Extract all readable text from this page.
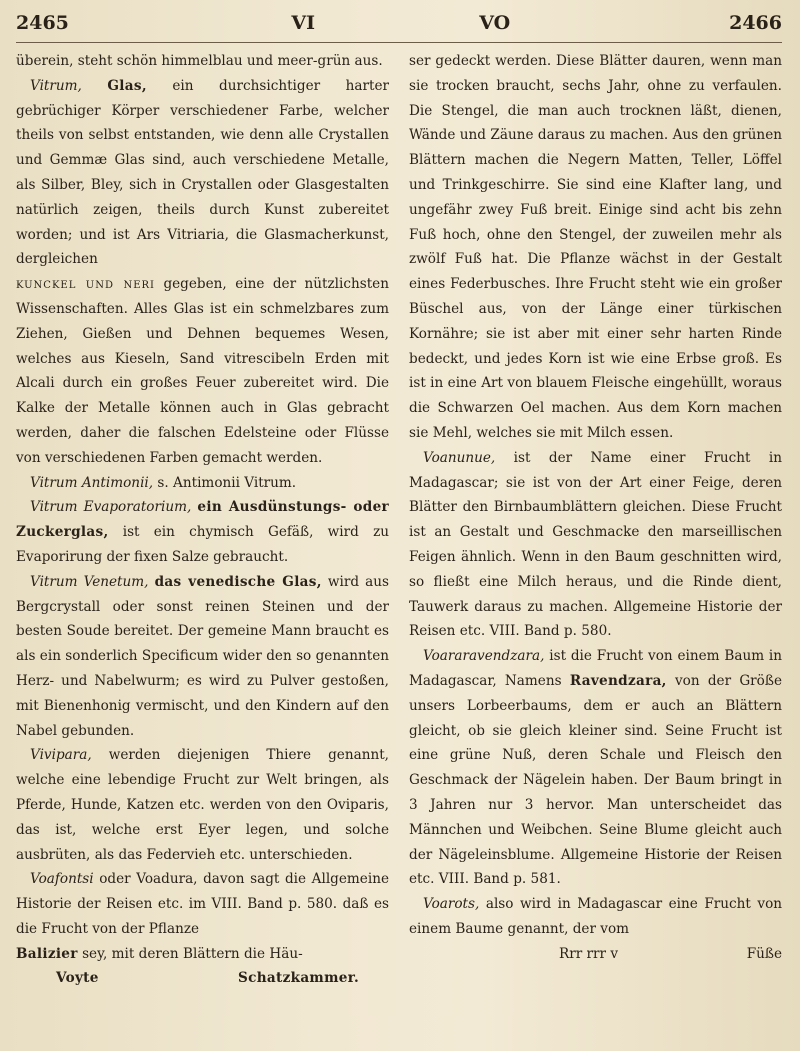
2465	VI	VO	2466

überein, steht schön himmelblau und meer-grün aus.

Vitrum, Glas, ein durchsichtiger harter gebrüchiger Körper verschiedener Farbe, welcher theils von selbst entstanden, wie denn alle Crystallen und Gemmæ Glas sind, auch verschiedene Metalle, als Silber, Bley, sich in Crystallen oder Glasgestalten natürlich zeigen, theils durch Kunst zubereitet worden; und ist Ars Vitriaria, die Glasmacherkunst, dergleichen

kunckel und neri gegeben, eine der nützlichsten Wissenschaften. Alles Glas ist ein schmelzbares zum Ziehen, Gießen und Dehnen bequemes Wesen, welches aus Kieseln, Sand vitrescibeln Erden mit Alcali durch ein großes Feuer zubereitet wird. Die Kalke der Metalle können auch in Glas gebracht werden, daher die falschen Edelsteine oder Flüsse von verschiedenen Farben gemacht werden.

Vitrum Antimonii, s. Antimonii Vitrum.

Vitrum Evaporatorium, ein Ausdünstungs- oder Zuckerglas, ist ein chymisch Gefäß, wird zu Evaporirung der fixen Salze gebraucht.

Vitrum Venetum, das venedische Glas, wird aus Bergcrystall oder sonst reinen Steinen und der besten Soude bereitet. Der gemeine Mann braucht es als ein sonderlich Specificum wider den so genannten Herz- und Nabelwurm; es wird zu Pulver gestoßen, mit Bienenhonig vermischt, und den Kindern auf den Nabel gebunden.

Vivipara, werden diejenigen Thiere genannt, welche eine lebendige Frucht zur Welt bringen, als Pferde, Hunde, Katzen etc. werden von den Oviparis, das ist, welche erst Eyer legen, und solche ausbrüten, als das Federvieh etc. unterschieden.

Voafontsi oder Voadura, davon sagt die Allgemeine Historie der Reisen etc. im VIII. Band p. 580. daß es die Frucht von der Pflanze

Balizier sey, mit deren Blättern die Häu-

Voyte	Schatzkammer.

ser gedeckt werden. Diese Blätter dauren, wenn man sie trocken braucht, sechs Jahr, ohne zu verfaulen. Die Stengel, die man auch trocknen läßt, dienen, Wände und Zäune daraus zu machen. Aus den grünen Blättern machen die Negern Matten, Teller, Löffel und Trinkgeschirre. Sie sind eine Klafter lang, und ungefähr zwey Fuß breit. Einige sind acht bis zehn Fuß hoch, ohne den Stengel, der zuweilen mehr als zwölf Fuß hat. Die Pflanze wächst in der Gestalt eines Federbusches. Ihre Frucht steht wie ein großer Büschel aus, von der Länge einer türkischen Kornähre; sie ist aber mit einer sehr harten Rinde bedeckt, und jedes Korn ist wie eine Erbse groß. Es ist in eine Art von blauem Fleische eingehüllt, woraus die Schwarzen Oel machen. Aus dem Korn machen sie Mehl, welches sie mit Milch essen.

Voanunue, ist der Name einer Frucht in Madagascar; sie ist von der Art einer Feige, deren Blätter den Birnbaumblättern gleichen. Diese Frucht ist an Gestalt und Geschmacke den marseillischen Feigen ähnlich. Wenn in den Baum geschnitten wird, so fließt eine Milch heraus, und die Rinde dient, Tauwerk daraus zu machen. Allgemeine Historie der Reisen etc. VIII. Band p. 580.

Voararavendzara, ist die Frucht von einem Baum in Madagascar, Namens Ravendzara, von der Größe unsers Lorbeerbaums, dem er auch an Blättern gleicht, ob sie gleich kleiner sind. Seine Frucht ist eine grüne Nuß, deren Schale und Fleisch den Geschmack der Nägelein haben. Der Baum bringt in 3 Jahren nur 3 hervor. Man unterscheidet das Männchen und Weibchen. Seine Blume gleicht auch der Nägeleinsblume. Allgemeine Historie der Reisen etc. VIII. Band p. 581.

Voarots, also wird in Madagascar eine Frucht von einem Baume genannt, der vom

Rrr rrr v	Füße
